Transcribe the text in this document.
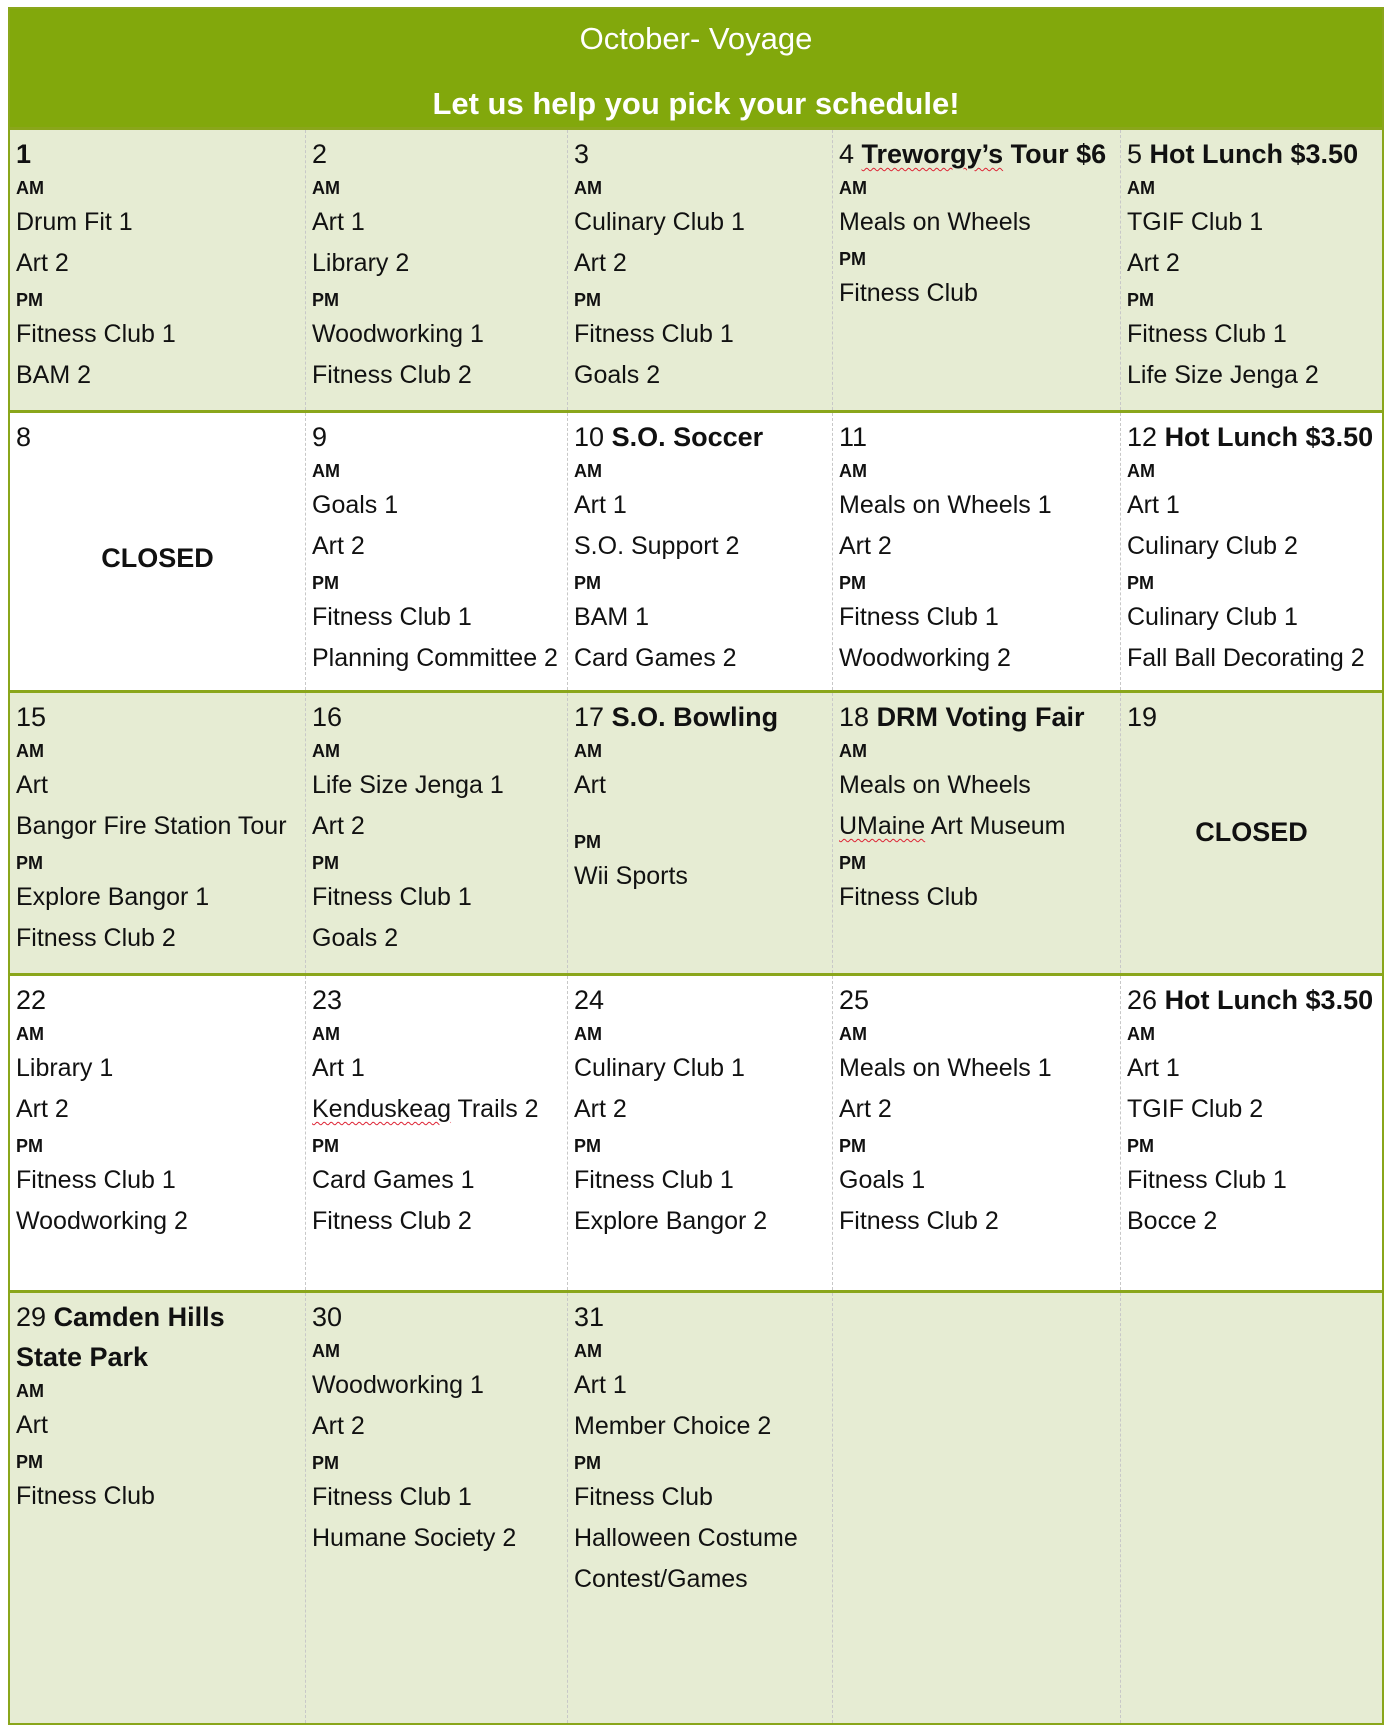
October- Voyage
Let us help you pick your schedule!
1
AM
Drum Fit 1
Art 2
PM
Fitness Club 1
BAM 2
2
AM
Art 1
Library 2
PM
Woodworking 1
Fitness Club 2
3
AM
Culinary Club 1
Art 2
PM
Fitness Club 1
Goals 2
4 Treworgy’s Tour $6
AM
Meals on Wheels
PM
Fitness Club
5 Hot Lunch $3.50
AM
TGIF Club 1
Art 2
PM
Fitness Club 1
Life Size Jenga 2
8
CLOSED
9
AM
Goals 1
Art 2
PM
Fitness Club 1
Planning Committee 2
10 S.O. Soccer
AM
Art 1
S.O. Support 2
PM
BAM 1
Card Games 2
11
AM
Meals on Wheels 1
Art 2
PM
Fitness Club 1
Woodworking 2
12 Hot Lunch $3.50
AM
Art 1
Culinary Club 2
PM
Culinary Club 1
Fall Ball Decorating 2
15
AM
Art
Bangor Fire Station Tour
PM
Explore Bangor 1
Fitness Club 2
16
AM
Life Size Jenga 1
Art 2
PM
Fitness Club 1
Goals 2
17 S.O. Bowling
AM
Art
PM
Wii Sports
18 DRM Voting Fair
AM
Meals on Wheels
UMaine Art Museum
PM
Fitness Club
19
CLOSED
22
AM
Library 1
Art 2
PM
Fitness Club 1
Woodworking 2
23
AM
Art 1
Kenduskeag Trails 2
PM
Card Games 1
Fitness Club 2
24
AM
Culinary Club 1
Art 2
PM
Fitness Club 1
Explore Bangor 2
25
AM
Meals on Wheels 1
Art 2
PM
Goals 1
Fitness Club 2
26 Hot Lunch $3.50
AM
Art 1
TGIF Club 2
PM
Fitness Club 1
Bocce 2
29 Camden Hills
State Park
AM
Art
PM
Fitness Club
30
AM
Woodworking 1
Art 2
PM
Fitness Club 1
Humane Society 2
31
AM
Art 1
Member Choice 2
PM
Fitness Club
Halloween Costume
Contest/Games
